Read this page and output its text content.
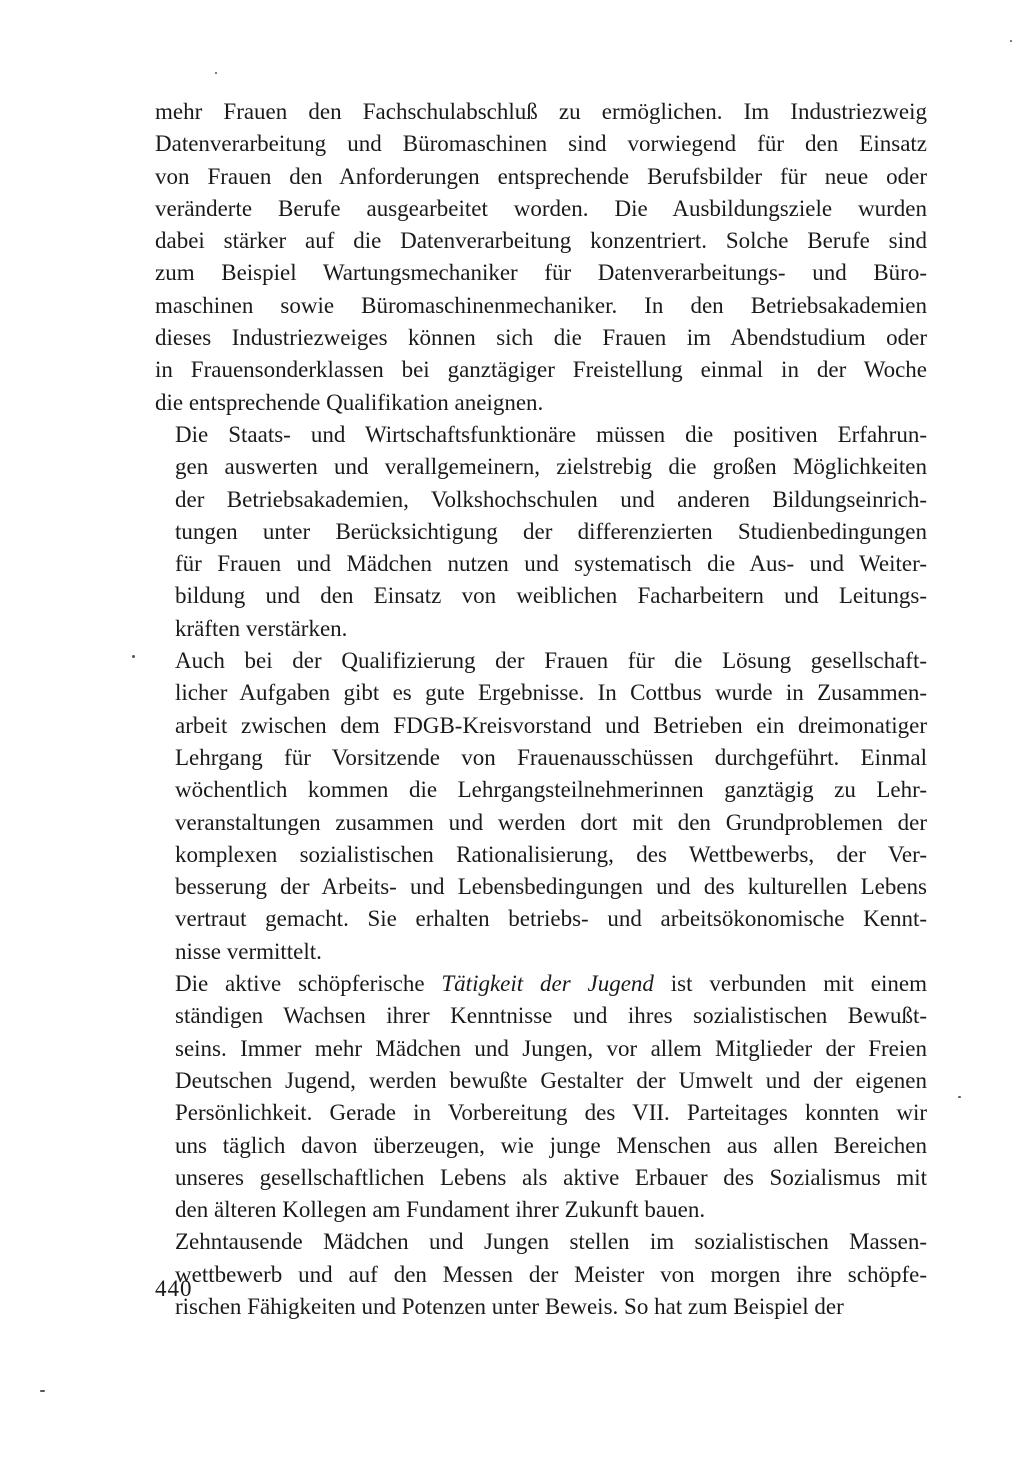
mehr Frauen den Fachschulabschluß zu ermöglichen. Im Industriezweig
Datenverarbeitung und Büromaschinen sind vorwiegend für den Einsatz
von Frauen den Anforderungen entsprechende Berufsbilder für neue oder
veränderte Berufe ausgearbeitet worden. Die Ausbildungsziele wurden
dabei stärker auf die Datenverarbeitung konzentriert. Solche Berufe sind
zum Beispiel Wartungsmechaniker für Datenverarbeitungs- und Büro-
maschinen sowie Büromaschinenmechaniker. In den Betriebsakademien
dieses Industriezweiges können sich die Frauen im Abendstudium oder
in Frauensonderklassen bei ganztägiger Freistellung einmal in der Woche
die entsprechende Qualifikation aneignen.
Die Staats- und Wirtschaftsfunktionäre müssen die positiven Erfahrun-
gen auswerten und verallgemeinern, zielstrebig die großen Möglichkeiten
der Betriebsakademien, Volkshochschulen und anderen Bildungseinrich-
tungen unter Berücksichtigung der differenzierten Studienbedingungen
für Frauen und Mädchen nutzen und systematisch die Aus- und Weiter-
bildung und den Einsatz von weiblichen Facharbeitern und Leitungs-
kräften verstärken.
Auch bei der Qualifizierung der Frauen für die Lösung gesellschaft-
licher Aufgaben gibt es gute Ergebnisse. In Cottbus wurde in Zusammen-
arbeit zwischen dem FDGB-Kreisvorstand und Betrieben ein dreimonatiger
Lehrgang für Vorsitzende von Frauenausschüssen durchgeführt. Einmal
wöchentlich kommen die Lehrgangsteilnehmerinnen ganztägig zu Lehr-
veranstaltungen zusammen und werden dort mit den Grundproblemen der
komplexen sozialistischen Rationalisierung, des Wettbewerbs, der Ver-
besserung der Arbeits- und Lebensbedingungen und des kulturellen Lebens
vertraut gemacht. Sie erhalten betriebs- und arbeitsökonomische Kennt-
nisse vermittelt.
Die aktive schöpferische Tätigkeit der Jugend ist verbunden mit einem
ständigen Wachsen ihrer Kenntnisse und ihres sozialistischen Bewußt-
seins. Immer mehr Mädchen und Jungen, vor allem Mitglieder der Freien
Deutschen Jugend, werden bewußte Gestalter der Umwelt und der eigenen
Persönlichkeit. Gerade in Vorbereitung des VII. Parteitages konnten wir
uns täglich davon überzeugen, wie junge Menschen aus allen Bereichen
unseres gesellschaftlichen Lebens als aktive Erbauer des Sozialismus mit
den älteren Kollegen am Fundament ihrer Zukunft bauen.
Zehntausende Mädchen und Jungen stellen im sozialistischen Massen-
wettbewerb und auf den Messen der Meister von morgen ihre schöpfe-
rischen Fähigkeiten und Potenzen unter Beweis. So hat zum Beispiel der
440
